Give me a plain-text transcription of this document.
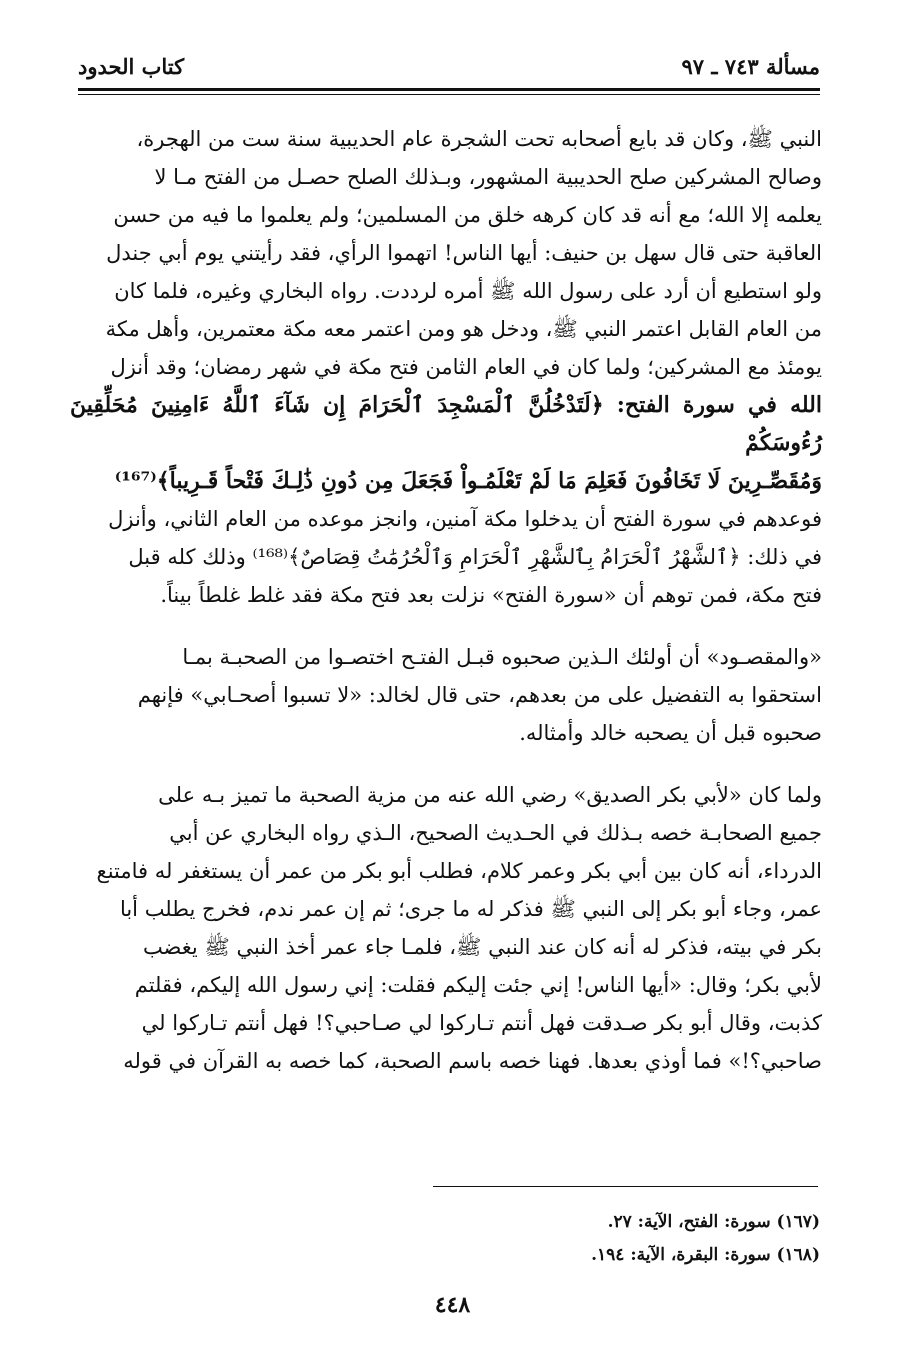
مسألة ٧٤٣ ـ ٩٧
كتاب الحدود
النبي ﷺ، وكان قد بايع أصحابه تحت الشجرة عام الحديبية سنة ست من الهجرة،
وصالح المشركين صلح الحديبية المشهور، وبـذلك الصلح حصـل من الفتح مـا لا
يعلمه إلا الله؛ مع أنه قد كان كرهه خلق من المسلمين؛ ولم يعلموا ما فيه من حسن
العاقبة حتى قال سهل بن حنيف: أيها الناس! اتهموا الرأي، فقد رأيتني يوم أبي جندل
ولو استطيع أن أرد على رسول الله ﷺ أمره لرددت. رواه البخاري وغيره، فلما كان
من العام القابل اعتمر النبي ﷺ، ودخل هو ومن اعتمر معه مكة معتمرين، وأهل مكة
يومئذ مع المشركين؛ ولما كان في العام الثامن فتح مكة في شهر رمضان؛ وقد أنزل
الله في سورة الفتح: ﴿لَتَدْخُلُنَّ ٱلْمَسْجِدَ ٱلْحَرَامَ إِن شَآءَ ٱللَّهُ ءَامِنِينَ مُحَلِّقِينَ رُءُوسَكُمْ
وَمُقَصِّـرِينَ لَا تَخَافُونَ فَعَلِمَ مَا لَمْ تَعْلَمُـواْ فَجَعَلَ مِن دُونِ ذَٰلِـكَ فَتْحاً قَـرِيباً﴾⁽¹⁶⁷⁾
فوعدهم في سورة الفتح أن يدخلوا مكة آمنين، وانجز موعده من العام الثاني، وأنزل
في ذلك: ﴿ٱلشَّهْرُ ٱلْحَرَامُ بِٱلشَّهْرِ ٱلْحَرَامِ وَٱلْحُرُمَٰتُ قِصَاصٌ﴾⁽¹⁶⁸⁾ وذلك كله قبل
فتح مكة، فمن توهم أن «سورة الفتح» نزلت بعد فتح مكة فقد غلط غلطاً بيناً.
«والمقصـود» أن أولئك الـذين صحبوه قبـل الفتـح اختصـوا من الصحبـة بمـا
استحقوا به التفضيل على من بعدهم، حتى قال لخالد: «لا تسبوا أصحـابي» فإنهم
صحبوه قبل أن يصحبه خالد وأمثاله.
ولما كان «لأبي بكر الصديق» رضي الله عنه من مزية الصحبة ما تميز بـه على
جميع الصحابـة خصه بـذلك في الحـديث الصحيح، الـذي رواه البخاري عن أبي
الدرداء، أنه كان بين أبي بكر وعمر كلام، فطلب أبو بكر من عمر أن يستغفر له فامتنع
عمر، وجاء أبو بكر إلى النبي ﷺ فذكر له ما جرى؛ ثم إن عمر ندم، فخرج يطلب أبا
بكر في بيته، فذكر له أنه كان عند النبي ﷺ، فلمـا جاء عمر أخذ النبي ﷺ يغضب
لأبي بكر؛ وقال: «أيها الناس! إني جئت إليكم فقلت: إني رسول الله إليكم، فقلتم
كذبت، وقال أبو بكر صـدقت فهل أنتم تـاركوا لي صـاحبي؟! فهل أنتم تـاركوا لي
صاحبي؟!» فما أوذي بعدها. فهنا خصه باسم الصحبة، كما خصه به القرآن في قوله
(١٦٧) سورة: الفتح، الآية: ٢٧.
(١٦٨) سورة: البقرة، الآية: ١٩٤.
٤٤٨
